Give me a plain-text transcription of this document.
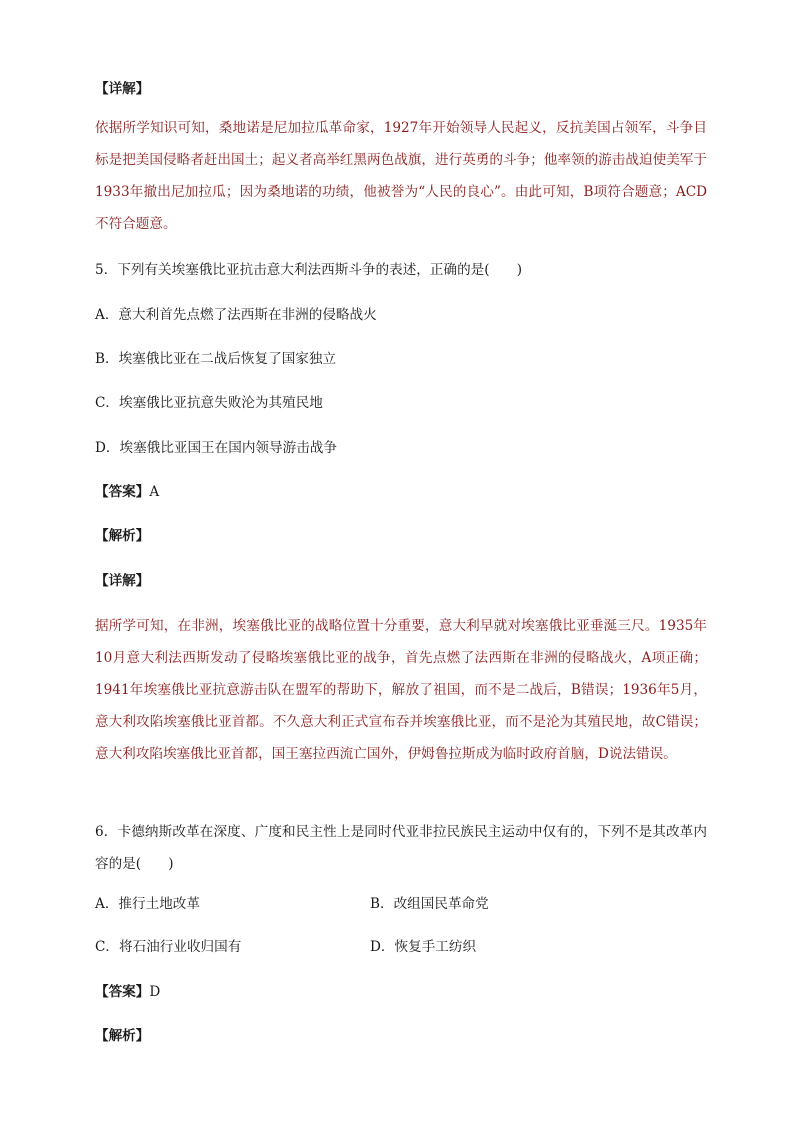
【详解】
依据所学知识可知，桑地诺是尼加拉瓜革命家，1927年开始领导人民起义，反抗美国占领军，斗争目标是把美国侵略者赶出国土；起义者高举红黑两色战旗，进行英勇的斗争；他率领的游击战迫使美军于1933年撤出尼加拉瓜；因为桑地诺的功绩，他被誉为“人民的良心”。由此可知，B项符合题意；ACD不符合题意。
5．下列有关埃塞俄比亚抗击意大利法西斯斗争的表述，正确的是(　　)
A．意大利首先点燃了法西斯在非洲的侵略战火
B．埃塞俄比亚在二战后恢复了国家独立
C．埃塞俄比亚抗意失败沦为其殖民地
D．埃塞俄比亚国王在国内领导游击战争
【答案】A
【解析】
【详解】
据所学可知，在非洲，埃塞俄比亚的战略位置十分重要，意大利早就对埃塞俄比亚垂涎三尺。1935年10月意大利法西斯发动了侵略埃塞俄比亚的战争，首先点燃了法西斯在非洲的侵略战火，A项正确；1941年埃塞俄比亚抗意游击队在盟军的帮助下，解放了祖国，而不是二战后，B错误；1936年5月，意大利攻陷埃塞俄比亚首都。不久意大利正式宣布吞并埃塞俄比亚，而不是沦为其殖民地，故C错误；意大利攻陷埃塞俄比亚首都，国王塞拉西流亡国外，伊姆鲁拉斯成为临时政府首脑，D说法错误。
6．卡德纳斯改革在深度、广度和民主性上是同时代亚非拉民族民主运动中仅有的，下列不是其改革内容的是(　　)
A．推行土地改革	B．改组国民革命党
C．将石油行业收归国有	D．恢复手工纺织
【答案】D
【解析】
